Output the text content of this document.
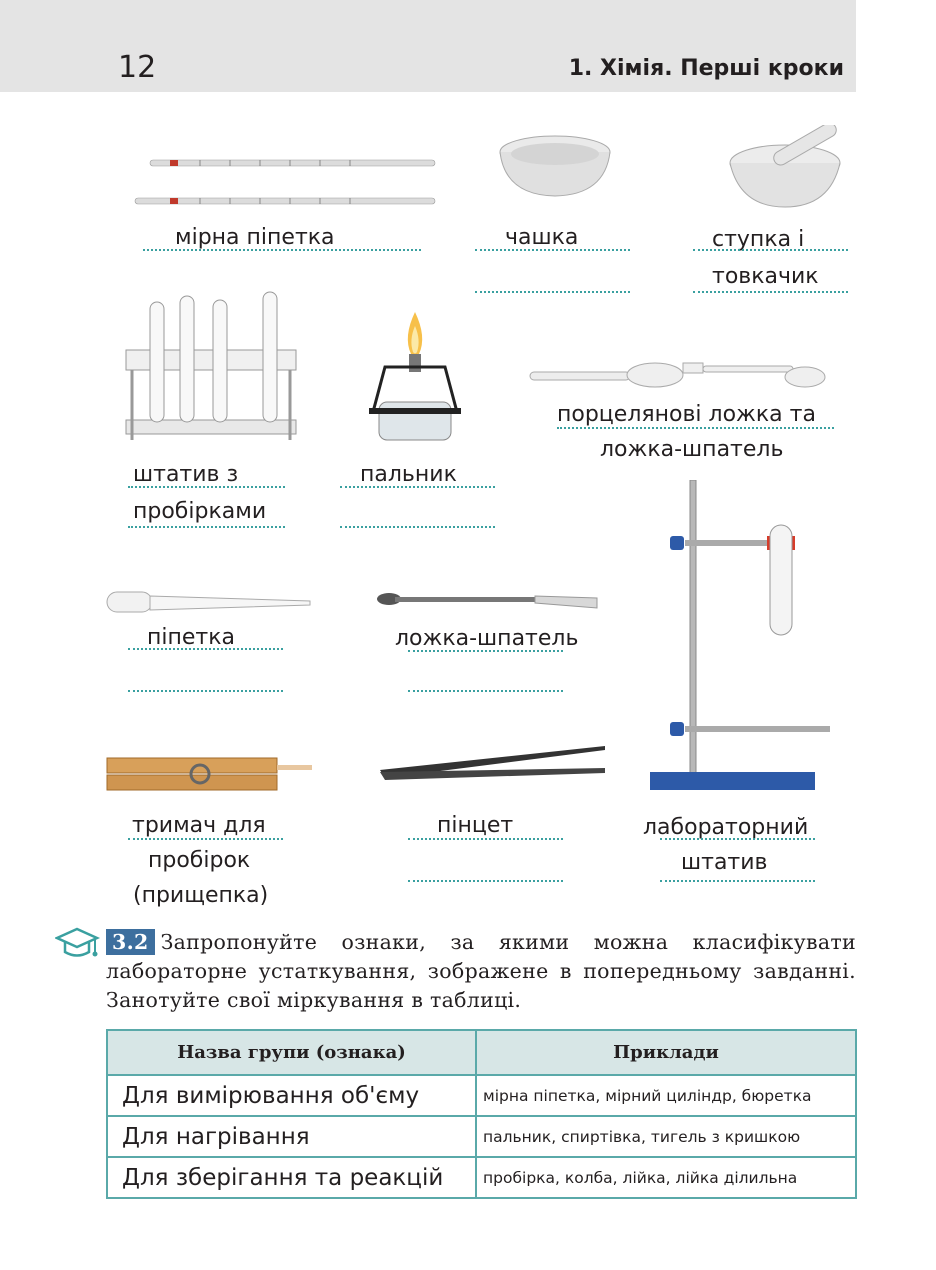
12	1. Хімія. Перші кроки
мірна піпетка	чашка	ступка і
товкачик
штатив з
пробірками
пальник
порцелянові ложка та
ложка-шпатель
піпетка	ложка-шпатель
тримач для
пробірок
(прищепка)
пінцет	лабораторний
штатив
3.2 Запропонуйте ознаки, за якими можна класифікувати лабораторне устаткування, зображене в попередньому завданні. Занотуйте свої міркування в таблиці.
Назва групи (ознака)	Приклади
Для вимірювання об'єму	мірна піпетка, мірний циліндр, бюретка
Для нагрівання	пальник, спиртівка, тигель з кришкою
Для зберігання та реакцій	пробірка, колба, лійка, лійка ділильна
